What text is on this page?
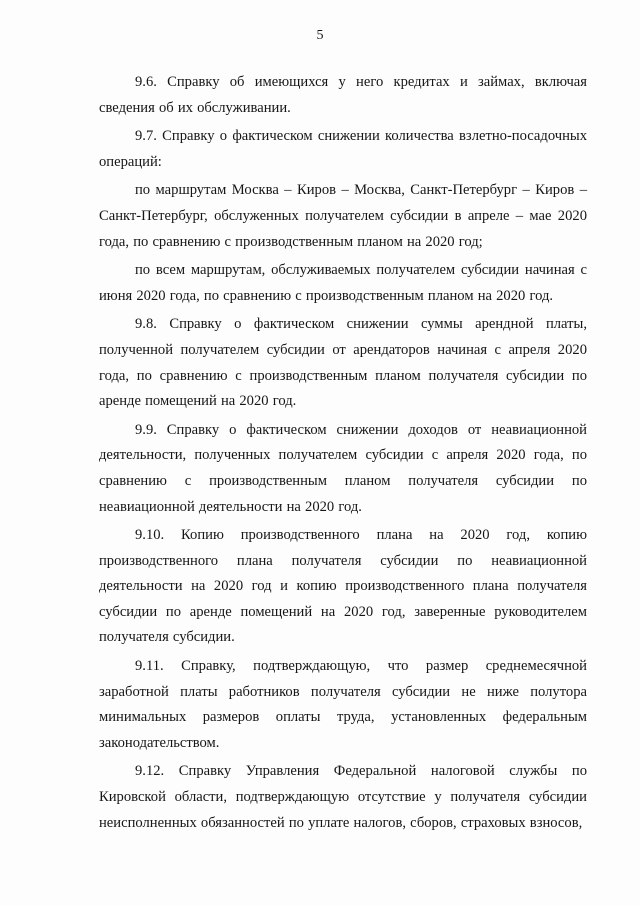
5

9.6. Справку об имеющихся у него кредитах и займах, включая сведения об их обслуживании.

9.7. Справку о фактическом снижении количества взлетно-посадочных операций:

по маршрутам Москва – Киров – Москва, Санкт-Петербург – Киров – Санкт-Петербург, обслуженных получателем субсидии в апреле – мае 2020 года, по сравнению с производственным планом на 2020 год;

по всем маршрутам, обслуживаемых получателем субсидии начиная с июня 2020 года, по сравнению с производственным планом на 2020 год.

9.8. Справку о фактическом снижении суммы арендной платы, полученной получателем субсидии от арендаторов начиная с апреля 2020 года, по сравнению с производственным планом получателя субсидии по аренде помещений на 2020 год.

9.9. Справку о фактическом снижении доходов от неавиационной деятельности, полученных получателем субсидии с апреля 2020 года, по сравнению с производственным планом получателя субсидии по неавиационной деятельности на 2020 год.

9.10. Копию производственного плана на 2020 год, копию производственного плана получателя субсидии по неавиационной деятельности на 2020 год и копию производственного плана получателя субсидии по аренде помещений на 2020 год, заверенные руководителем получателя субсидии.

9.11. Справку, подтверждающую, что размер среднемесячной заработной платы работников получателя субсидии не ниже полутора минимальных размеров оплаты труда, установленных федеральным законодательством.

9.12. Справку Управления Федеральной налоговой службы по Кировской области, подтверждающую отсутствие у получателя субсидии неисполненных обязанностей по уплате налогов, сборов, страховых взносов,
